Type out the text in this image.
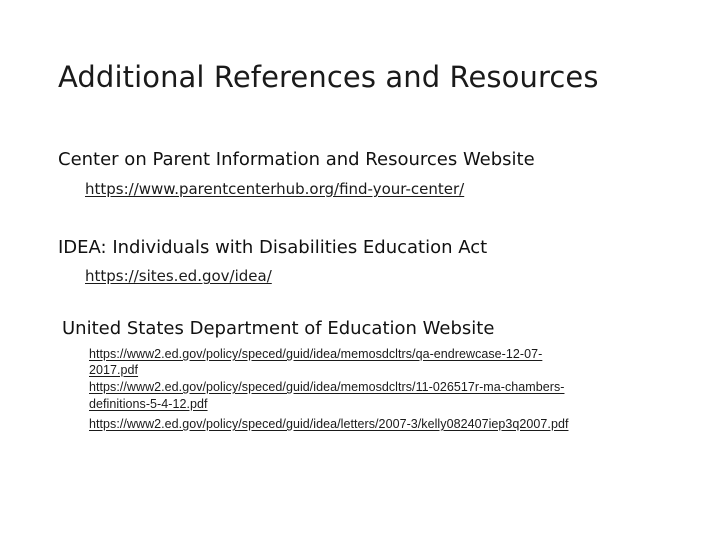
Additional References and Resources
Center on Parent Information and Resources Website
https://www.parentcenterhub.org/find-your-center/
IDEA: Individuals with Disabilities Education Act
https://sites.ed.gov/idea/
United States Department of Education Website
https://www2.ed.gov/policy/speced/guid/idea/memosdcltrs/qa-endrewcase-12-07-
2017.pdf
https://www2.ed.gov/policy/speced/guid/idea/memosdcltrs/11-026517r-ma-chambers-
definitions-5-4-12.pdf
https://www2.ed.gov/policy/speced/guid/idea/letters/2007-3/kelly082407iep3q2007.pdf
